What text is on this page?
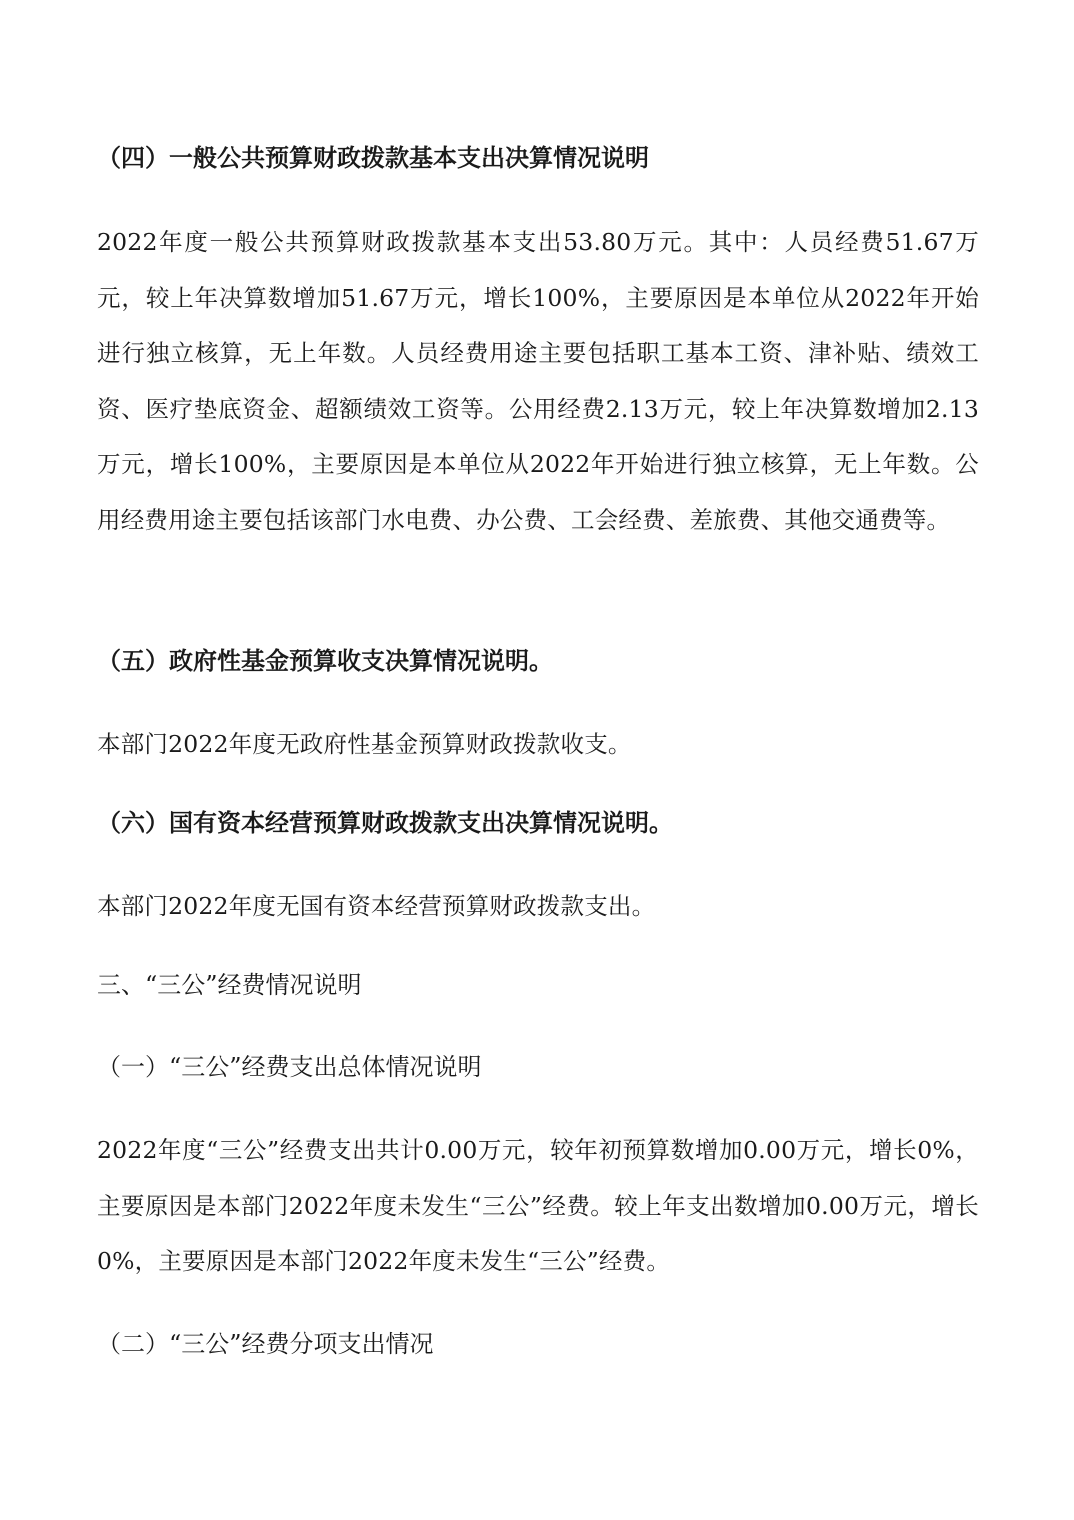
（四）一般公共预算财政拨款基本支出决算情况说明
2022年度一般公共预算财政拨款基本支出53.80万元。其中：人员经费51.67万元，较上年决算数增加51.67万元，增长100%，主要原因是本单位从2022年开始进行独立核算，无上年数。人员经费用途主要包括职工基本工资、津补贴、绩效工资、医疗垫底资金、超额绩效工资等。公用经费2.13万元，较上年决算数增加2.13万元，增长100%，主要原因是本单位从2022年开始进行独立核算，无上年数。公用经费用途主要包括该部门水电费、办公费、工会经费、差旅费、其他交通费等。
（五）政府性基金预算收支决算情况说明。
本部门2022年度无政府性基金预算财政拨款收支。
（六）国有资本经营预算财政拨款支出决算情况说明。
本部门2022年度无国有资本经营预算财政拨款支出。
三、“三公”经费情况说明
（一）“三公”经费支出总体情况说明
2022年度“三公”经费支出共计0.00万元，较年初预算数增加0.00万元，增长0%，主要原因是本部门2022年度未发生“三公”经费。较上年支出数增加0.00万元，增长0%，主要原因是本部门2022年度未发生“三公”经费。
（二）“三公”经费分项支出情况
